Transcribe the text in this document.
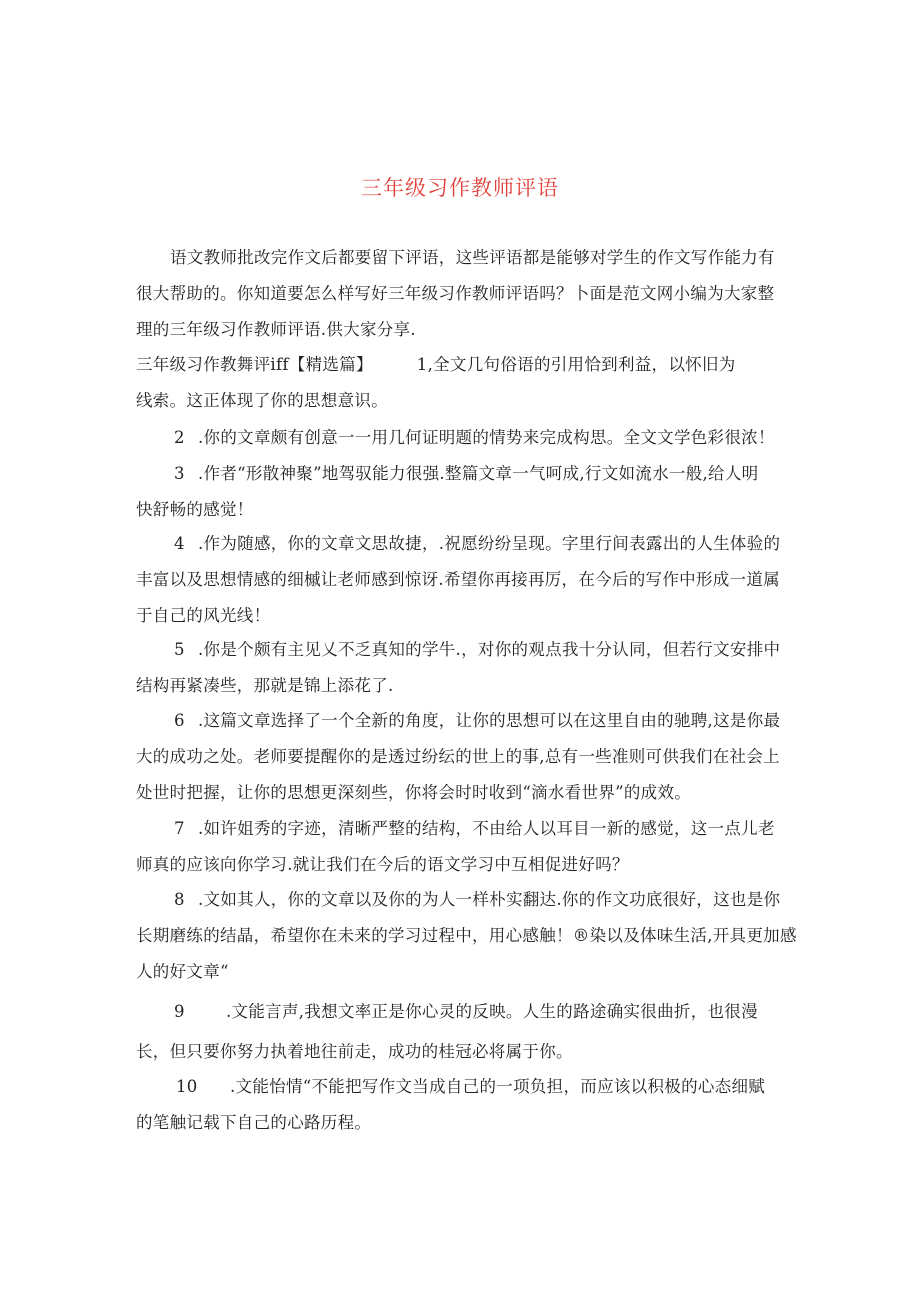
三年级习作教师评语
语文教师批改完作文后都要留下评语，这些评语都是能够对学生的作文写作能力有
很大帮助的。你知道要怎么样写好三年级习作教师评语吗？卜面是范文网小编为大家整
理的三年级习作教师评语.供大家分享.
三年级习作教舞评iff【精选篇】	1,全文几句俗语的引用恰到利益，以怀旧为
线索。这正体现了你的思想意识。
2 .你的文章颇有创意一一用几何证明题的情势来完成构思。全文文学色彩很浓！
3 .作者“形散神聚”地驾驭能力很强.整篇文章一气呵成,行文如流水一般,给人明
快舒畅的感觉！
4 .作为随感，你的文章文思故捷，.祝愿纷纷呈现。字里行间表露出的人生体验的
丰富以及思想情感的细槭让老师感到惊讶.希望你再接再厉，在今后的写作中形成一道属
于自己的风光线！
5 .你是个颇有主见乂不乏真知的学牛.，对你的观点我十分认同，但若行文安排中
结构再紧凑些，那就是锦上添花了.
6 .这篇文章选择了一个全新的角度，让你的思想可以在这里自由的驰聘,这是你最
大的成功之处。老师要提醒你的是透过纷纭的世上的事,总有一些准则可供我们在社会上
处世时把握，让你的思想更深刻些，你将会时时收到“滴水看世界”的成效。
7 .如许姐秀的字迹，清晰严整的结构，不由给人以耳目一新的感觉，这一点儿老
师真的应该向你学习.就让我们在今后的语文学习中互相促进好吗？
8 .文如其人，你的文章以及你的为人一样朴实翻达.你的作文功底很好，这也是你
长期磨练的结晶，希望你在未来的学习过程中，用心感触！®染以及体味生活,开具更加感
人的好文章“
9 .文能言声,我想文率正是你心灵的反映。人生的路途确实很曲折，也很漫
长，但只要你努力执着地往前走，成功的桂冠必将属于你。
10 .文能怡情“不能把写作文当成自己的一项负担，而应该以积极的心态细赋
的笔触记载下自己的心路历程。
